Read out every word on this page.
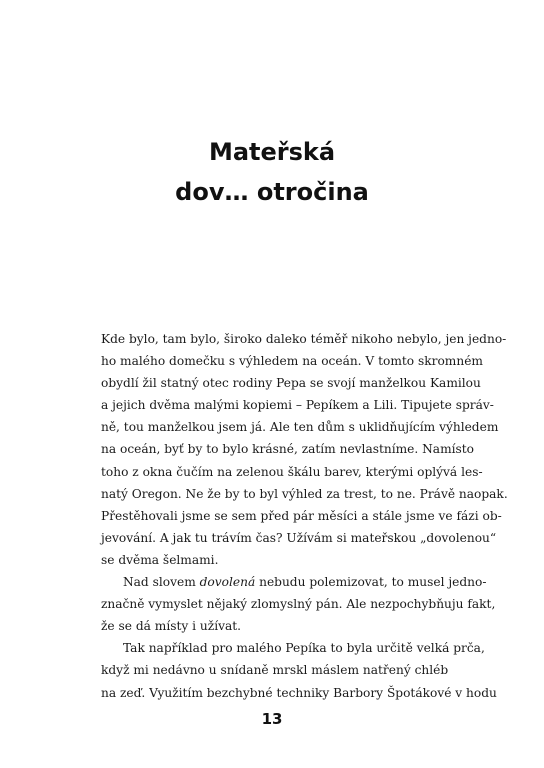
Mateřská
dov… otročina
Kde bylo, tam bylo, široko daleko téměř nikoho nebylo, jen jedno-
ho malého domečku s výhledem na oceán. V tomto skromném
obydlí žil statný otec rodiny Pepa se svojí manželkou Kamilou
a jejich dvěma malými kopiemi – Pepíkem a Lili. Tipujete správ-
ně, tou manželkou jsem já. Ale ten dům s uklidňujícím výhledem
na oceán, byť by to bylo krásné, zatím nevlastníme. Namísto
toho z okna čučím na zelenou škálu barev, kterými oplývá les-
natý Oregon. Ne že by to byl výhled za trest, to ne. Právě naopak.
Přestěhovali jsme se sem před pár měsíci a stále jsme ve fázi ob-
jevování. A jak tu trávím čas? Užívám si mateřskou „dovolenou“
se dvěma šelmami.
Nad slovem dovolená nebudu polemizovat, to musel jedno-
značně vymyslet nějaký zlomyslný pán. Ale nezpochybňuju fakt,
že se dá místy i užívat.
Tak například pro malého Pepíka to byla určitě velká prča,
když mi nedávno u snídaně mrskl máslem natřený chléb
na zeď. Využitím bezchybné techniky Barbory Špotákové v hodu
13
